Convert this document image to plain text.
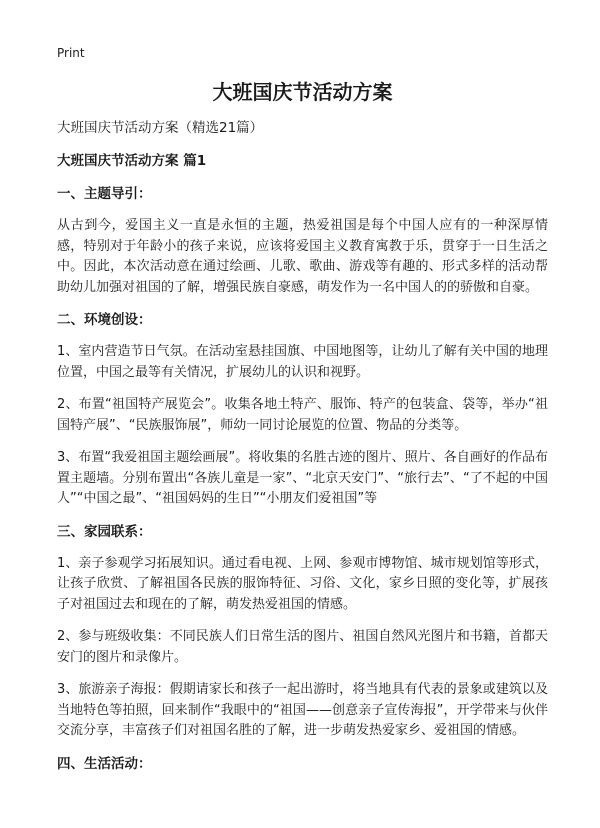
Print
大班国庆节活动方案

大班国庆节活动方案（精选21篇）

大班国庆节活动方案 篇1

一、主题导引：

从古到今，爱国主义一直是永恒的主题，热爱祖国是每个中国人应有的一种深厚情感，特别对于年龄小的孩子来说，应该将爱国主义教育寓教于乐，贯穿于一日生活之中。因此，本次活动意在通过绘画、儿歌、歌曲、游戏等有趣的、形式多样的活动帮助幼儿加强对祖国的了解，增强民族自豪感，萌发作为一名中国人的的骄傲和自豪。

二、环境创设：

1、室内营造节日气氛。在活动室悬挂国旗、中国地图等，让幼儿了解有关中国的地理位置，中国之最等有关情况，扩展幼儿的认识和视野。

2、布置“祖国特产展览会”。收集各地土特产、服饰、特产的包装盒、袋等，举办“祖国特产展”、“民族服饰展”，师幼一同讨论展览的位置、物品的分类等。

3、布置“我爱祖国主题绘画展”。将收集的名胜古迹的图片、照片、各自画好的作品布置主题墙。分别布置出“各族儿童是一家”、“北京天安门”、“旅行去”、“了不起的中国人”“中国之最”、“祖国妈妈的生日”“小朋友们爱祖国”等

三、家园联系：

1、亲子参观学习拓展知识。通过看电视、上网、参观市博物馆、城市规划馆等形式，让孩子欣赏、了解祖国各民族的服饰特征、习俗、文化，家乡日照的变化等，扩展孩子对祖国过去和现在的了解，萌发热爱祖国的情感。

2、参与班级收集：不同民族人们日常生活的图片、祖国自然风光图片和书籍，首都天安门的图片和录像片。

3、旅游亲子海报：假期请家长和孩子一起出游时，将当地具有代表的景象或建筑以及当地特色等拍照，回来制作“我眼中的“祖国——创意亲子宣传海报”，开学带来与伙伴交流分享，丰富孩子们对祖国名胜的了解，进一步萌发热爱家乡、爱祖国的情感。

四、生活活动：
